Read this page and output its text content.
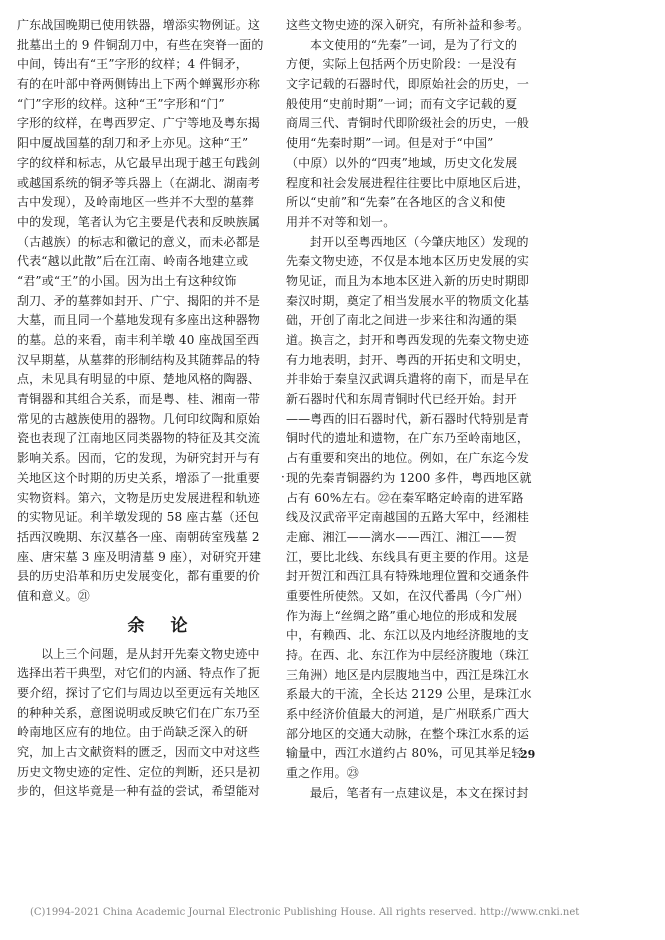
广东战国晚期已使用铁器，增添实物例证。这
批墓出土的 9 件铜刮刀中，有些在突脊一面的
中间，铸出有“王”字形的纹样；4 件铜矛，
有的在叶部中脊两侧铸出上下两个蝉翼形亦称
“门”字形的纹样。这种“王”字形和“门”
字形的纹样，在粤西罗定、广宁等地及粤东揭
阳中厦战国墓的刮刀和矛上亦见。这种“王”
字的纹样和标志，从它最早出现于越王句践剑
或越国系统的铜矛等兵器上（在湖北、湖南考
古中发现），及岭南地区一些并不大型的墓葬
中的发现，笔者认为它主要是代表和反映族属
（古越族）的标志和徽记的意义，而未必都是
代表“越以此散”后在江南、岭南各地建立或
“君”或“王”的小国。因为出土有这种纹饰
刮刀、矛的墓葬如封开、广宁、揭阳的并不是
大墓，而且同一个墓地发现有多座出这种器物
的墓。总的来看，南丰利羊墩 40 座战国至西
汉早期墓，从墓葬的形制结构及其随葬品的特
点，未见具有明显的中原、楚地风格的陶器、
青铜器和其组合关系，而是粤、桂、湘南一带
常见的古越族使用的器物。几何印纹陶和原始
瓷也表现了江南地区同类器物的特征及其交流
影响关系。因而，它的发现，为研究封开与有
关地区这个时期的历史关系，增添了一批重要
实物资料。第六，文物是历史发展进程和轨迹
的实物见证。利羊墩发现的 58 座古墓（还包
括西汉晚期、东汉墓各一座、南朝砖室残墓 2
座、唐宋墓 3 座及明清墓 9 座），对研究开建
县的历史沿革和历史发展变化，都有重要的价
值和意义。㉑
余论
以上三个问题，是从封开先秦文物史迹中
选择出若干典型，对它们的内涵、特点作了扼
要介绍，探讨了它们与周边以至更远有关地区
的种种关系，意图说明或反映它们在广东乃至
岭南地区应有的地位。由于尚缺乏深入的研
究，加上古文献资料的匮乏，因而文中对这些
历史文物史迹的定性、定位的判断，还只是初
步的，但这毕竟是一种有益的尝试，希望能对
这些文物史迹的深入研究，有所补益和参考。
本文使用的“先秦”一词，是为了行文的
方便，实际上包括两个历史阶段：一是没有
文字记载的石器时代，即原始社会的历史，一
般使用“史前时期”一词；而有文字记载的夏
商周三代、青铜时代即阶级社会的历史，一般
使用“先秦时期”一词。但是对于“中国”
（中原）以外的“四夷”地域，历史文化发展
程度和社会发展进程往往要比中原地区后进，
所以“史前”和“先秦”在各地区的含义和使
用并不对等和划一。
封开以至粤西地区（今肇庆地区）发现的
先秦文物史迹，不仅是本地本区历史发展的实
物见证，而且为本地本区进入新的历史时期即
秦汉时期，奠定了相当发展水平的物质文化基
础，开创了南北之间进一步来往和沟通的渠
道。换言之，封开和粤西发现的先秦文物史迹
有力地表明，封开、粤西的开拓史和文明史，
并非始于秦皇汉武调兵遣将的南下，而是早在
新石器时代和东周青铜时代已经开始。封开
——粤西的旧石器时代，新石器时代特别是青
铜时代的遗址和遗物，在广东乃至岭南地区，
占有重要和突出的地位。例如，在广东迄今发
现的先秦青铜器约为 1200 多件，粤西地区就
占有 60%左右。㉒在秦军略定岭南的进军路
线及汉武帝平定南越国的五路大军中，经湘桂
走廊、湘江——漓水——西江、湘江——贺
江，要比北线、东线具有更主要的作用。这是
封开贺江和西江具有特殊地理位置和交通条件
重要性所使然。又如，在汉代番禺（今广州）
作为海上“丝绸之路”重心地位的形成和发展
中，有赖西、北、东江以及内地经济腹地的支
持。在西、北、东江作为中层经济腹地（珠江
三角洲）地区是内层腹地当中，西江是珠江水
系最大的干流，全长达 2129 公里，是珠江水
系中经济价值最大的河道，是广州联系广西大
部分地区的交通大动脉，在整个珠江水系的运
输量中，西江水道约占 80%，可见其举足轻
重之作用。㉓
最后，笔者有一点建议是，本文在探讨封
·
29
(C)1994-2021 China Academic Journal Electronic Publishing House. All rights reserved. http://www.cnki.net
